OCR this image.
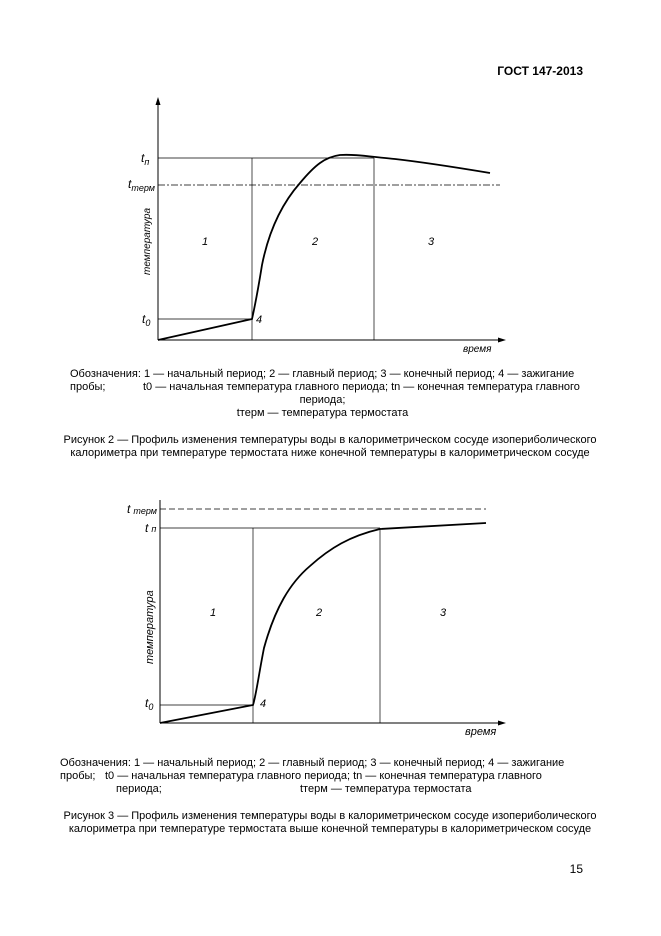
ГОСТ 147-2013
$t_п$
$t_{терм}$
$t_0$
температура
время
1	2	3
4
Обозначения: 1 — начальный период; 2 — главный период; 3 — конечный период; 4 — зажигание
пробы;	t0 — начальная температура главного периода; tn — конечная температура главного
периода;
tтерм — температура термостата
Рисунок 2 — Профиль изменения температуры воды в калориметрическом сосуде изопериболического калориметра при температуре термостата ниже конечной температуры в калориметрическом сосуде
t терм
t п
$t_0$
температура
время
1	2	3
4
Обозначения: 1 — начальный период; 2 — главный период; 3 — конечный период; 4 — зажигание
пробы; t0 — начальная температура главного периода; tn — конечная температура главного
периода;	tтерм — температура термостата
Рисунок 3 — Профиль изменения температуры воды в калориметрическом сосуде изопериболического калориметра при температуре термостата выше конечной температуры в калориметрическом сосуде
15
